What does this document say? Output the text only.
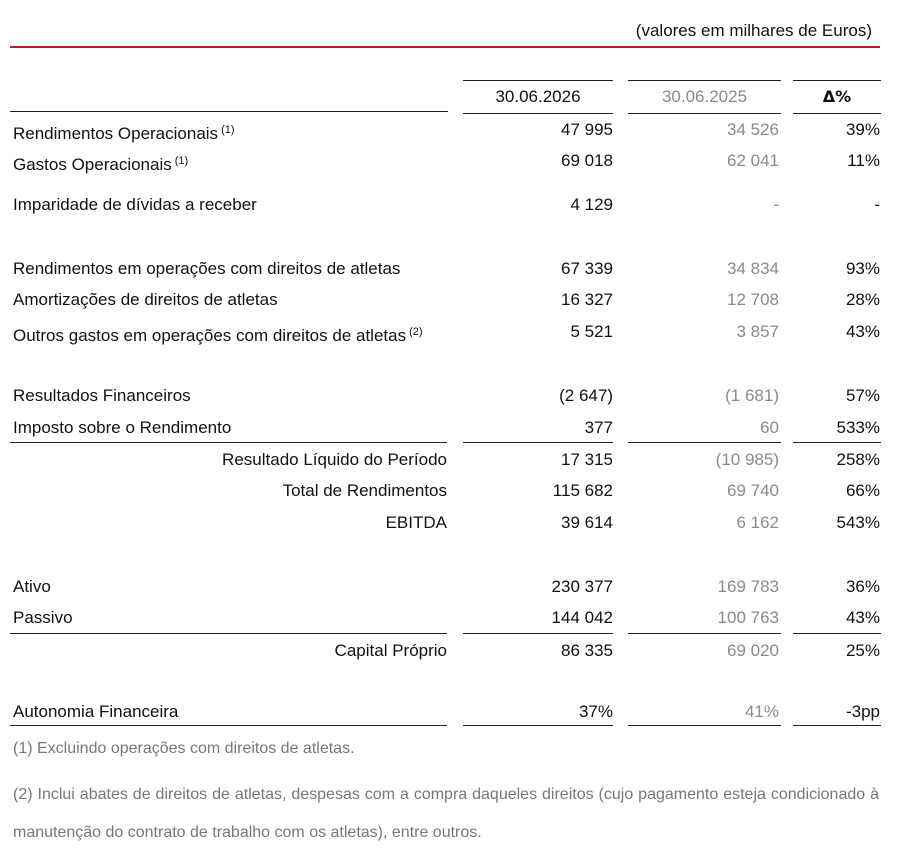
(valores em milhares de Euros)
30.06.2026	30.06.2025	Δ%
Rendimentos Operacionais $^{(1)}$	47 995	34 526	39%
Gastos Operacionais $^{(1)}$	69 018	62 041	11%
Imparidade de dívidas a receber	4 129	-	-
Rendimentos em operações com direitos de atletas	67 339	34 834	93%
Amortizações de direitos de atletas	16 327	12 708	28%
Outros gastos em operações com direitos de atletas $^{(2)}$	5 521	3 857	43%
Resultados Financeiros	(2 647)	(1 681)	57%
Imposto sobre o Rendimento	377	60	533%
Resultado Líquido do Período	17 315	(10 985)	258%
Total de Rendimentos	115 682	69 740	66%
EBITDA	39 614	6 162	543%
Ativo	230 377	169 783	36%
Passivo	144 042	100 763	43%
Capital Próprio	86 335	69 020	25%
Autonomia Financeira	37%	41%	-3pp
(1) Excluindo operações com direitos de atletas.
(2) Inclui abates de direitos de atletas, despesas com a compra daqueles direitos (cujo pagamento esteja condicionado à manutenção do contrato de trabalho com os atletas), entre outros.
